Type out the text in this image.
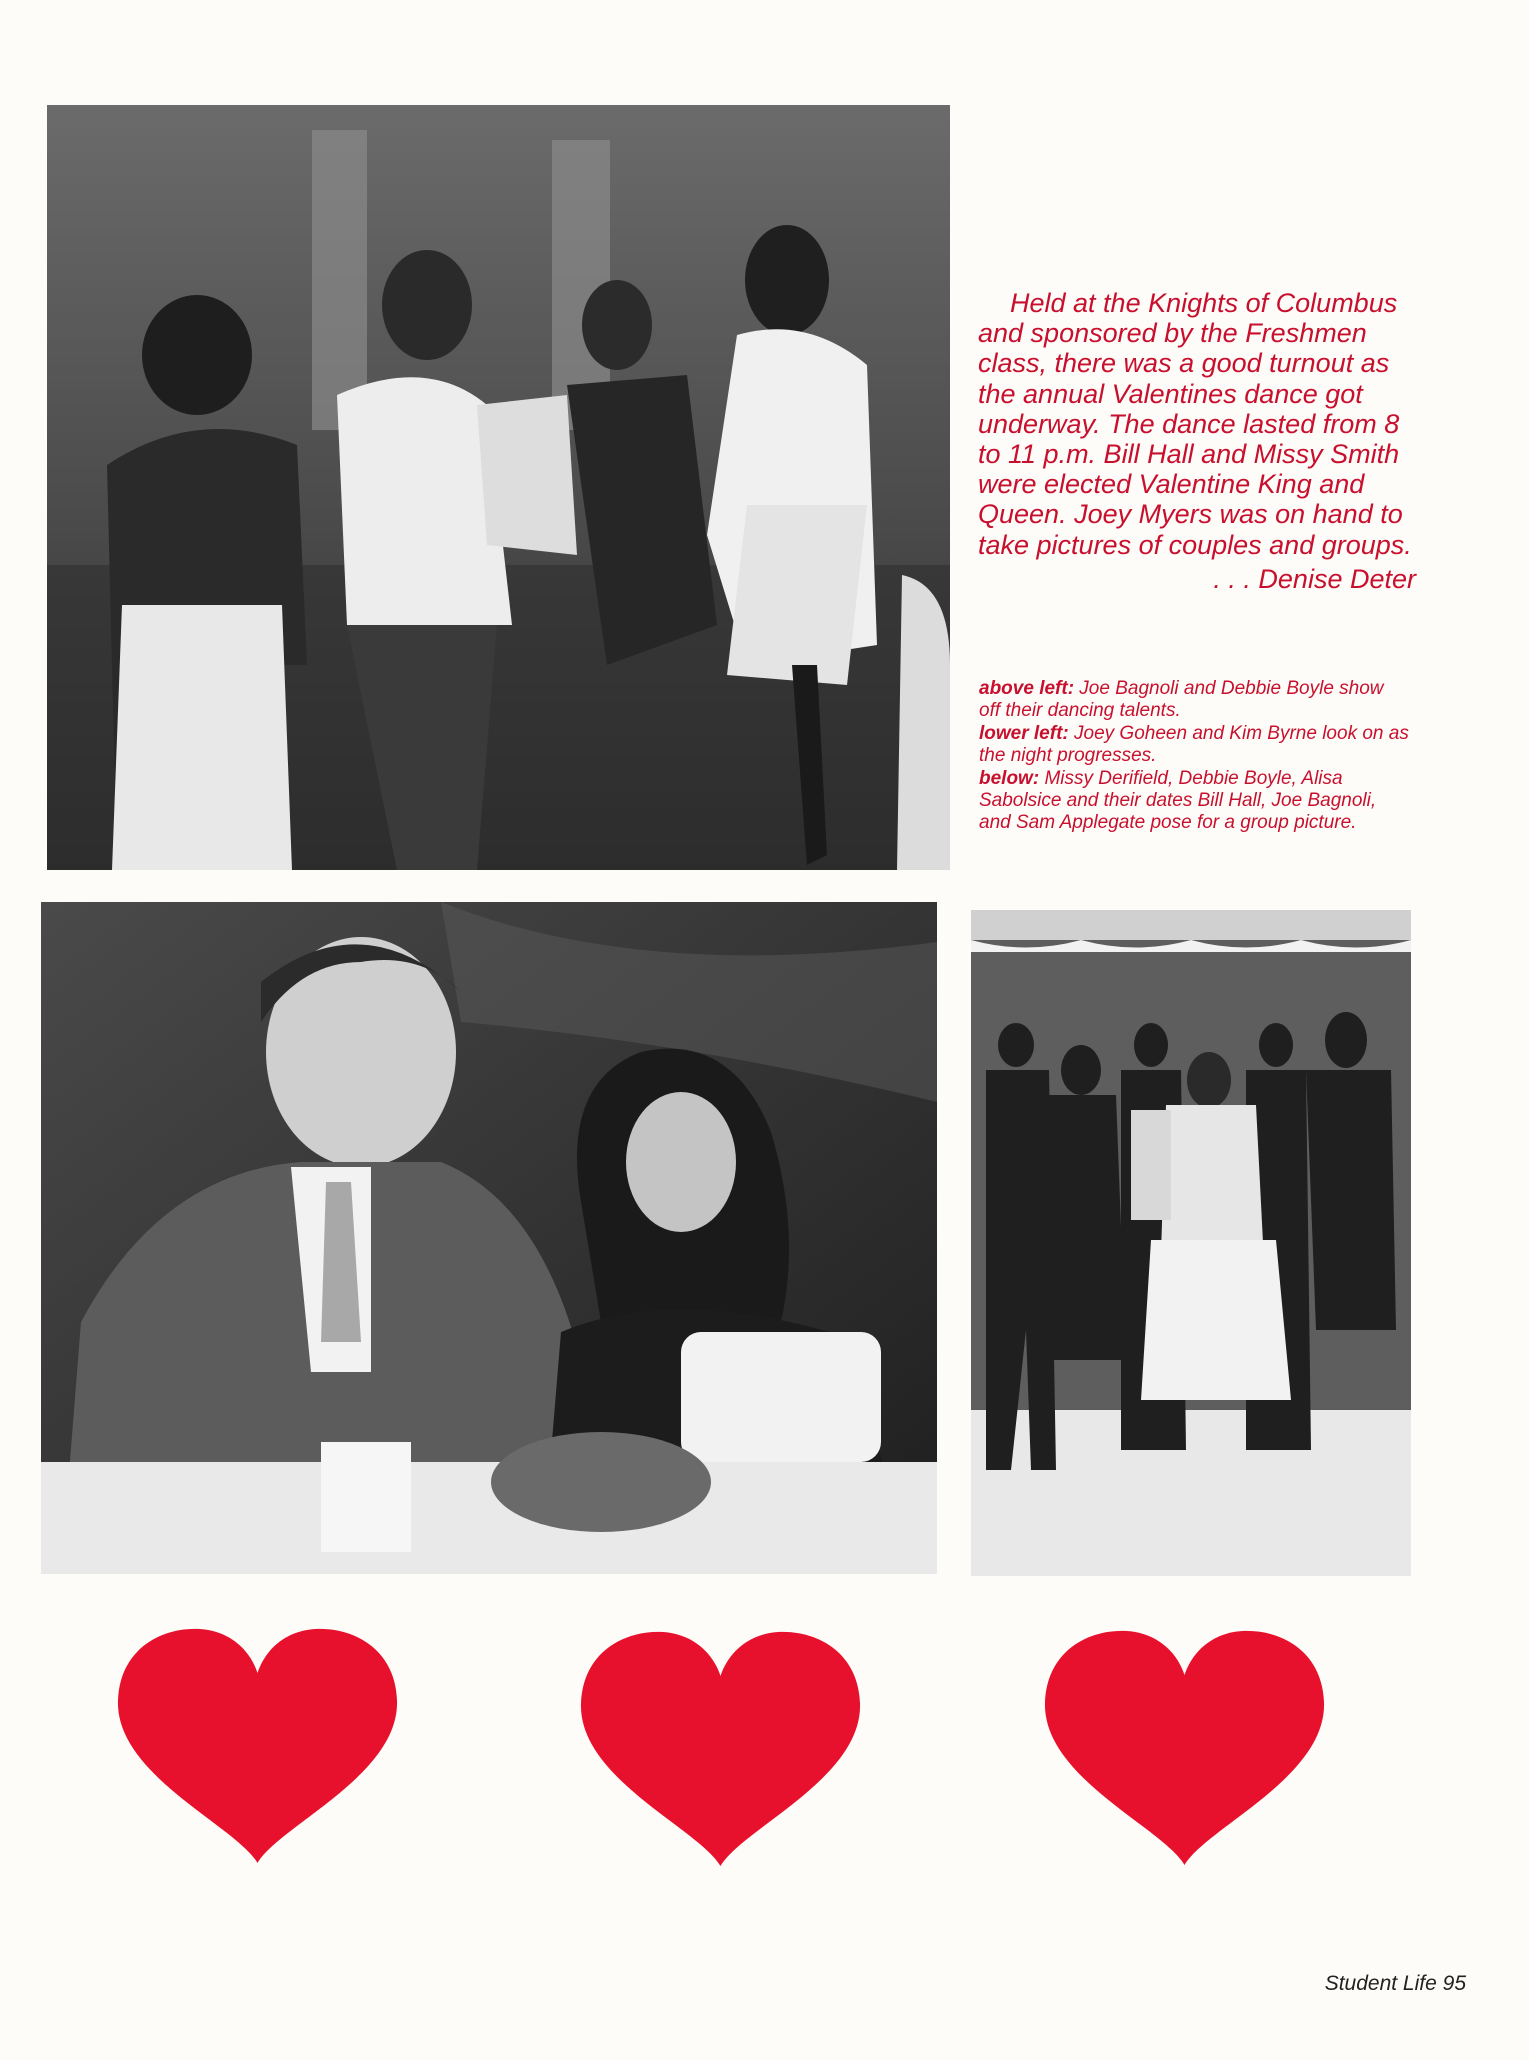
Held at the Knights of Columbus and sponsored by the Freshmen class, there was a good turnout as the annual Valentines dance got underway. The dance lasted from 8 to 11 p.m. Bill Hall and Missy Smith were elected Valentine King and Queen. Joey Myers was on hand to take pictures of couples and groups.

. . . Denise Deter

above left: Joe Bagnoli and Debbie Boyle show off their dancing talents.

lower left: Joey Goheen and Kim Byrne look on as the night progresses.

below: Missy Derifield, Debbie Boyle, Alisa Sabolsice and their dates Bill Hall, Joe Bagnoli, and Sam Applegate pose for a group picture.

Student Life 95
